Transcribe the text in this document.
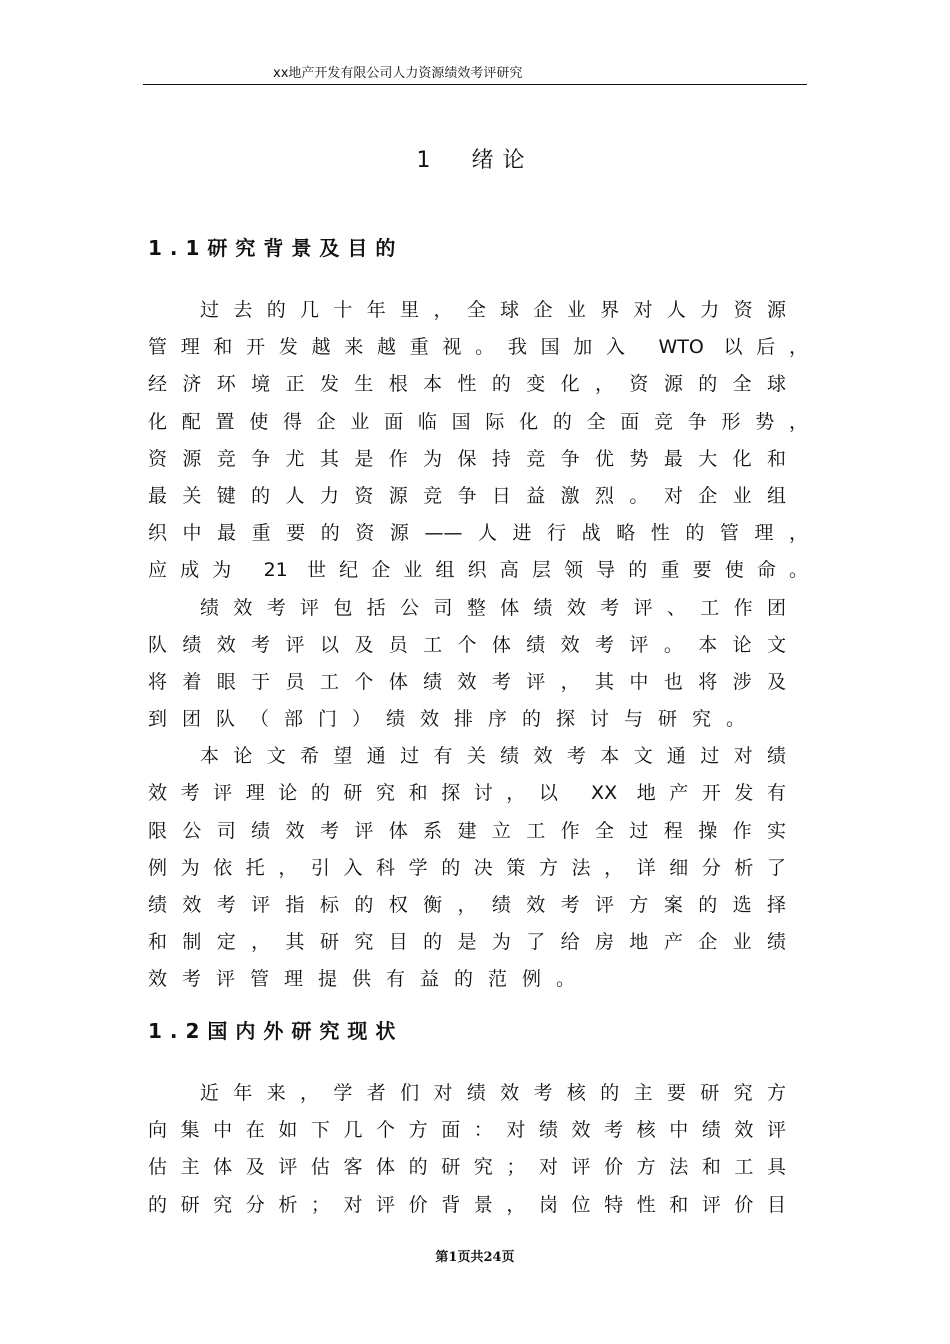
xx地产开发有限公司人力资源绩效考评研究
1  绪论
1.1研究背景及目的
过去的几十年里，全球企业界对人力资源
管理和开发越来越重视。我国加入 WTO 以后，
经济环境正发生根本性的变化，资源的全球
化配置使得企业面临国际化的全面竞争形势，
资源竞争尤其是作为保持竞争优势最大化和
最关键的人力资源竞争日益激烈。对企业组
织中最重要的资源——人进行战略性的管理，
应成为 21 世纪企业组织高层领导的重要使命。
绩效考评包括公司整体绩效考评、工作团
队绩效考评以及员工个体绩效考评。本论文
将着眼于员工个体绩效考评，其中也将涉及
到团队（部门）绩效排序的探讨与研究。
本论文希望通过有关绩效考本文通过对绩
效考评理论的研究和探讨，以 XX 地产开发有
限公司绩效考评体系建立工作全过程操作实
例为依托，引入科学的决策方法，详细分析了
绩效考评指标的权衡，绩效考评方案的选择
和制定，其研究目的是为了给房地产企业绩
效考评管理提供有益的范例。
1.2国内外研究现状
近年来，学者们对绩效考核的主要研究方
向集中在如下几个方面：对绩效考核中绩效评
估主体及评估客体的研究；对评价方法和工具
的研究分析；对评价背景，岗位特性和评价目
第1页共24页
